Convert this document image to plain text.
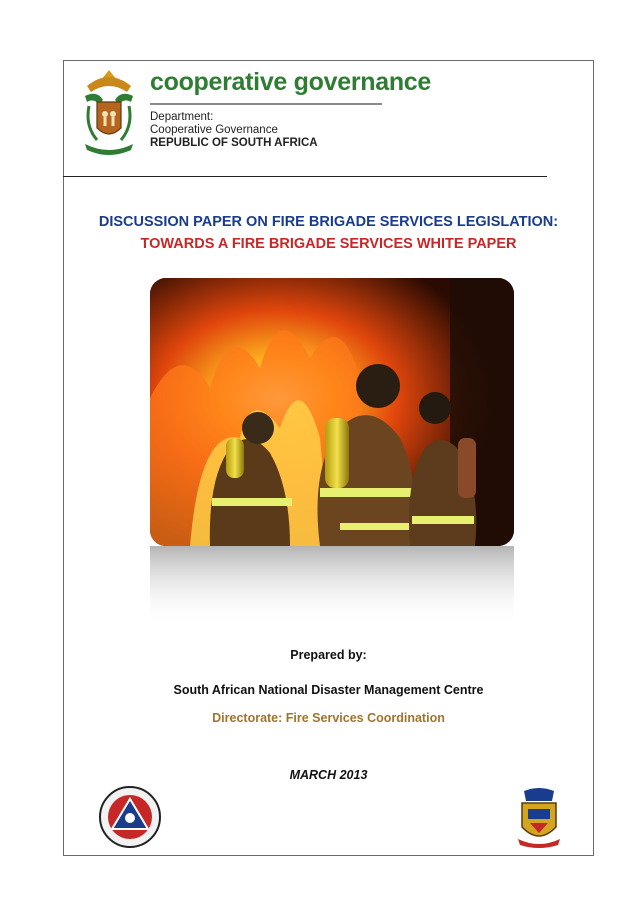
cooperative governance

Department:

Cooperative Governance

REPUBLIC OF SOUTH AFRICA

DISCUSSION PAPER ON FIRE BRIGADE SERVICES LEGISLATION:
TOWARDS A FIRE BRIGADE SERVICES WHITE PAPER

Prepared by:

South African National Disaster Management Centre

Directorate: Fire Services Coordination

MARCH 2013
